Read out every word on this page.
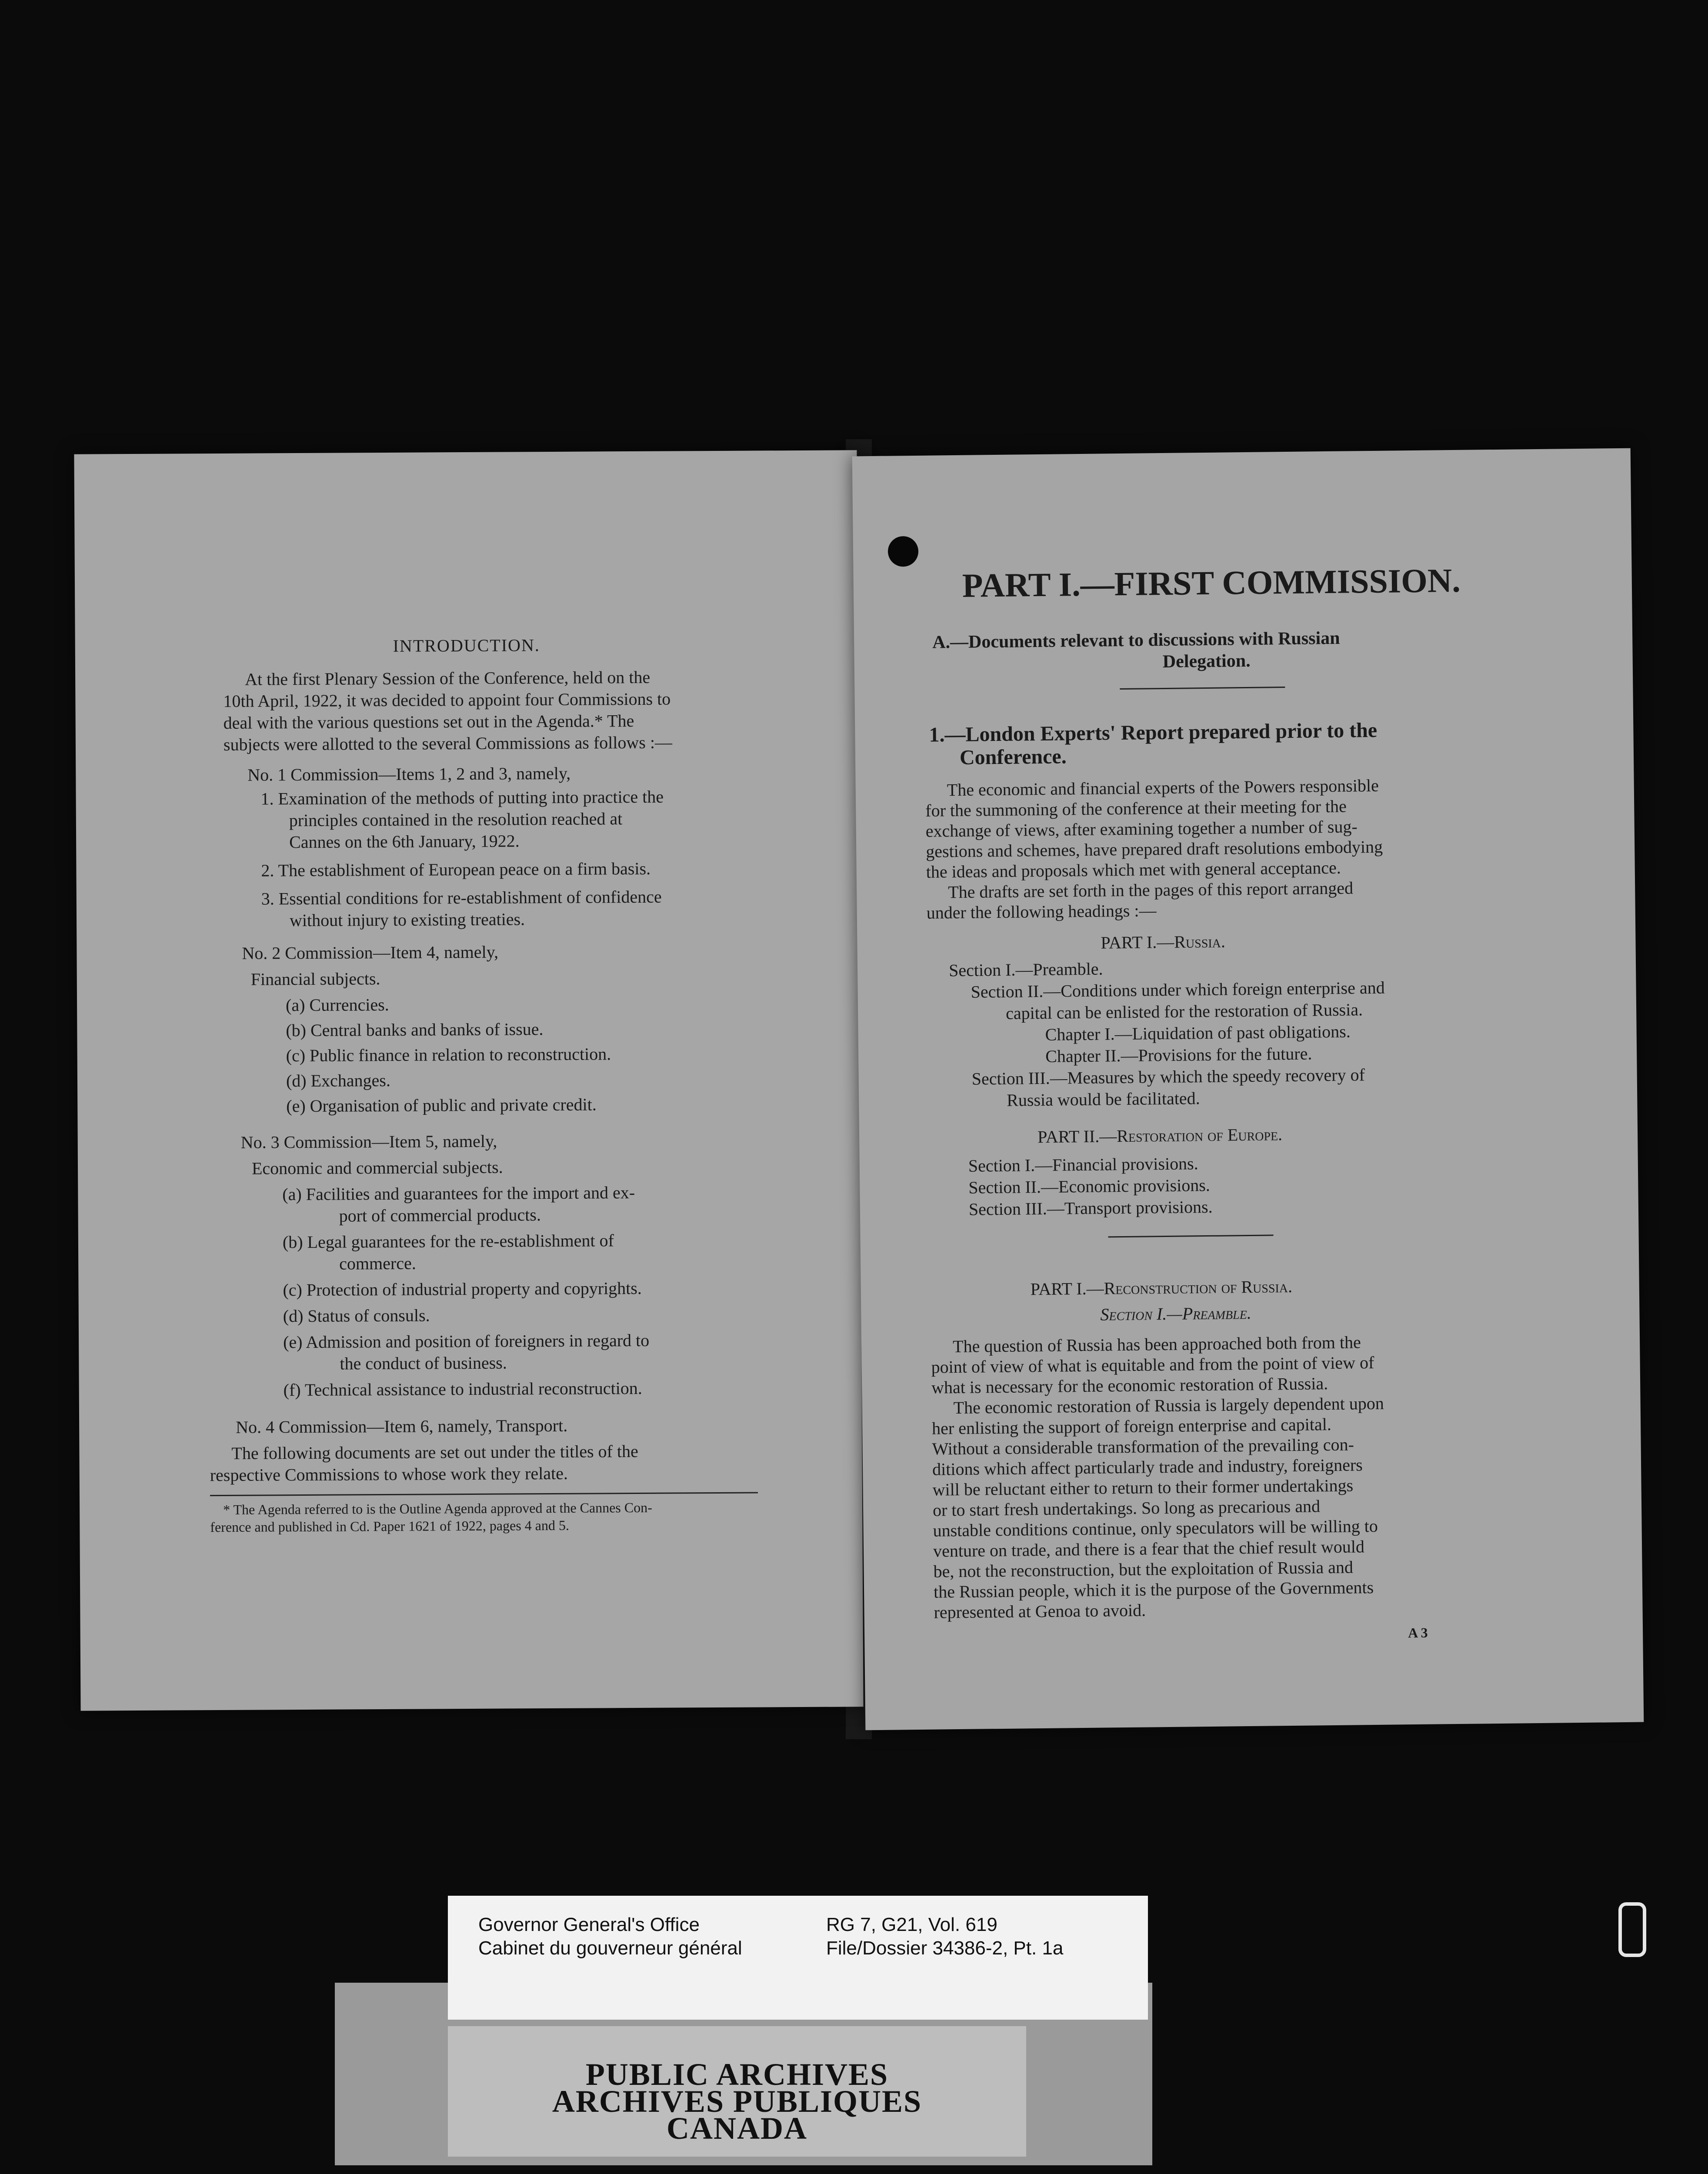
INTRODUCTION.
At the first Plenary Session of the Conference, held on the
10th April, 1922, it was decided to appoint four Commissions to
deal with the various questions set out in the Agenda.* The
subjects were allotted to the several Commissions as follows :—
No. 1 Commission—Items 1, 2 and 3, namely,
1. Examination of the methods of putting into practice the
principles contained in the resolution reached at
Cannes on the 6th January, 1922.
2. The establishment of European peace on a firm basis.
3. Essential conditions for re-establishment of confidence
without injury to existing treaties.
No. 2 Commission—Item 4, namely,
Financial subjects.
(a) Currencies.
(b) Central banks and banks of issue.
(c) Public finance in relation to reconstruction.
(d) Exchanges.
(e) Organisation of public and private credit.
No. 3 Commission—Item 5, namely,
Economic and commercial subjects.
(a) Facilities and guarantees for the import and ex-
port of commercial products.
(b) Legal guarantees for the re-establishment of
commerce.
(c) Protection of industrial property and copyrights.
(d) Status of consuls.
(e) Admission and position of foreigners in regard to
the conduct of business.
(f) Technical assistance to industrial reconstruction.
No. 4 Commission—Item 6, namely, Transport.
The following documents are set out under the titles of the
respective Commissions to whose work they relate.
* The Agenda referred to is the Outline Agenda approved at the Cannes Con-
ference and published in Cd. Paper 1621 of 1922, pages 4 and 5.
PART I.—FIRST COMMISSION.
A.—Documents relevant to discussions with Russian
Delegation.
1.—London Experts' Report prepared prior to the
Conference.
The economic and financial experts of the Powers responsible
for the summoning of the conference at their meeting for the
exchange of views, after examining together a number of sug-
gestions and schemes, have prepared draft resolutions embodying
the ideas and proposals which met with general acceptance.
The drafts are set forth in the pages of this report arranged
under the following headings :—
PART I.—Russia.
Section I.—Preamble.
Section II.—Conditions under which foreign enterprise and
capital can be enlisted for the restoration of Russia.
Chapter I.—Liquidation of past obligations.
Chapter II.—Provisions for the future.
Section III.—Measures by which the speedy recovery of
Russia would be facilitated.
PART II.—Restoration of Europe.
Section I.—Financial provisions.
Section II.—Economic provisions.
Section III.—Transport provisions.
PART I.—Reconstruction of Russia.
Section I.—Preamble.
The question of Russia has been approached both from the
point of view of what is equitable and from the point of view of
what is necessary for the economic restoration of Russia.
The economic restoration of Russia is largely dependent upon
her enlisting the support of foreign enterprise and capital.
Without a considerable transformation of the prevailing con-
ditions which affect particularly trade and industry, foreigners
will be reluctant either to return to their former undertakings
or to start fresh undertakings. So long as precarious and
unstable conditions continue, only speculators will be willing to
venture on trade, and there is a fear that the chief result would
be, not the reconstruction, but the exploitation of Russia and
the Russian people, which it is the purpose of the Governments
represented at Genoa to avoid.
A 3
PUBLIC ARCHIVES
ARCHIVES PUBLIQUES
CANADA
Governor General's Office
Cabinet du gouverneur général
RG 7, G21, Vol. 619
File/Dossier 34386-2, Pt. 1a
